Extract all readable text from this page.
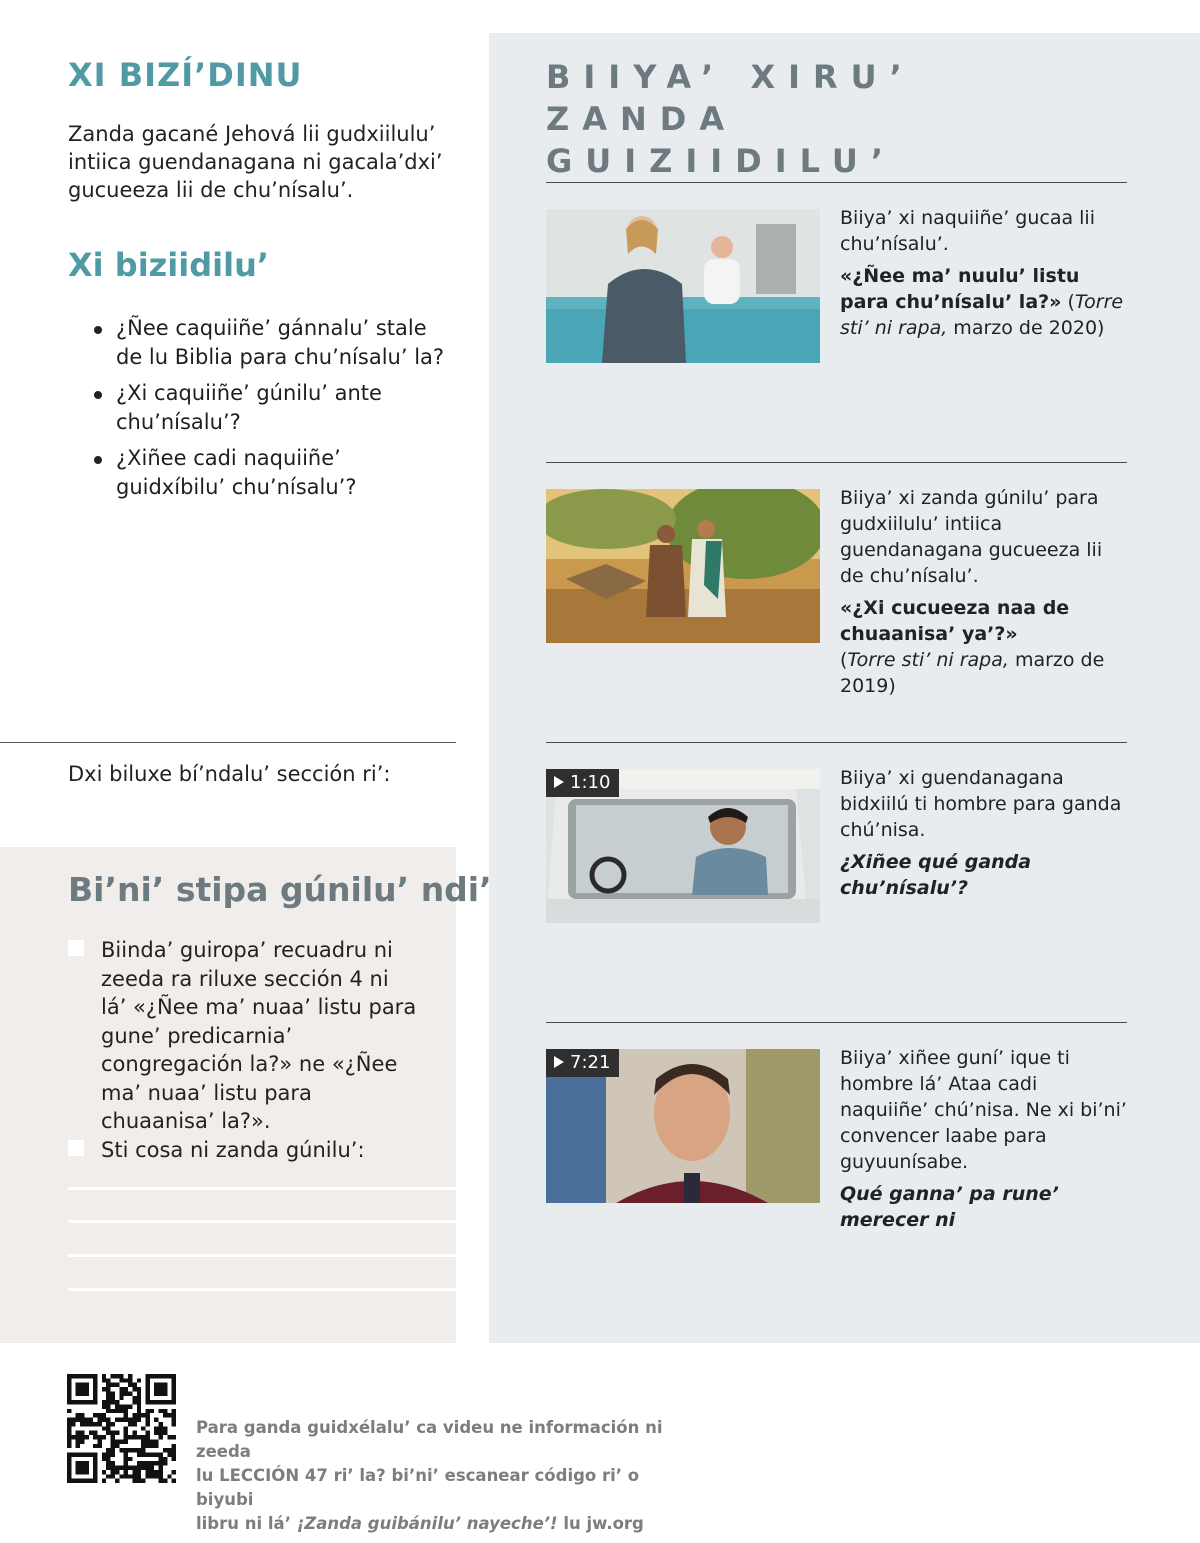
XI BIZÍ’DINU

Zanda gacané Jehová lii gudxiilulu’ intiica guendanagana ni gacala’dxi’ gucueeza lii de chu’nísalu’.

Xi biziidilu’
¿Ñee caquiiñe’ gánnalu’ stale de lu Biblia para chu’nísalu’ la?
¿Xi caquiiñe’ gúnilu’ ante chu’nísalu’?
¿Xiñee cadi naquiiñe’ guidxíbilu’ chu’nísalu’?
Dxi biluxe bí’ndalu’ sección ri’:
Bi’ni’ stipa gúnilu’ ndi’
Biinda’ guiropa’ recuadru ni zeeda ra riluxe sección 4 ni lá’ «¿Ñee ma’ nuaa’ listu para gune’ predicarnia’ congregación la?» ne «¿Ñee ma’ nuaa’ listu para chuaanisa’ la?».
Sti cosa ni zanda gúnilu’:
BIIYA’ XIRU’ ZANDA GUIZIIDILU’
Biiya’ xi naquiiñe’ gucaa lii chu’nísalu’.
«¿Ñee ma’ nuulu’ listu para chu’nísalu’ la?» (Torre sti’ ni rapa, marzo de 2020)
Biiya’ xi zanda gúnilu’ para gudxiilulu’ intiica guendanagana gucueeza lii de chu’nísalu’.
«¿Xi cucueeza naa de chuaanisa’ ya’?»
(Torre sti’ ni rapa, marzo de 2019)
1:10	Biiya’ xi guendanagana bidxiilú ti hombre para ganda chú’nisa.
¿Xiñee qué ganda chu’nísalu’?
7:21	Biiya’ xiñee guní’ ique ti hombre lá’ Ataa cadi naquiiñe’ chú’nisa. Ne xi bi’ni’ convencer laabe para guyuunísabe.
Qué ganna’ pa rune’ merecer ni
Para ganda guidxélalu’ ca videu ne información ni zeeda
lu LECCIÓN 47 ri’ la? bi’ni’ escanear código ri’ o biyubi
libru ni lá’ ¡Zanda guibánilu’ nayeche’! lu jw.org
